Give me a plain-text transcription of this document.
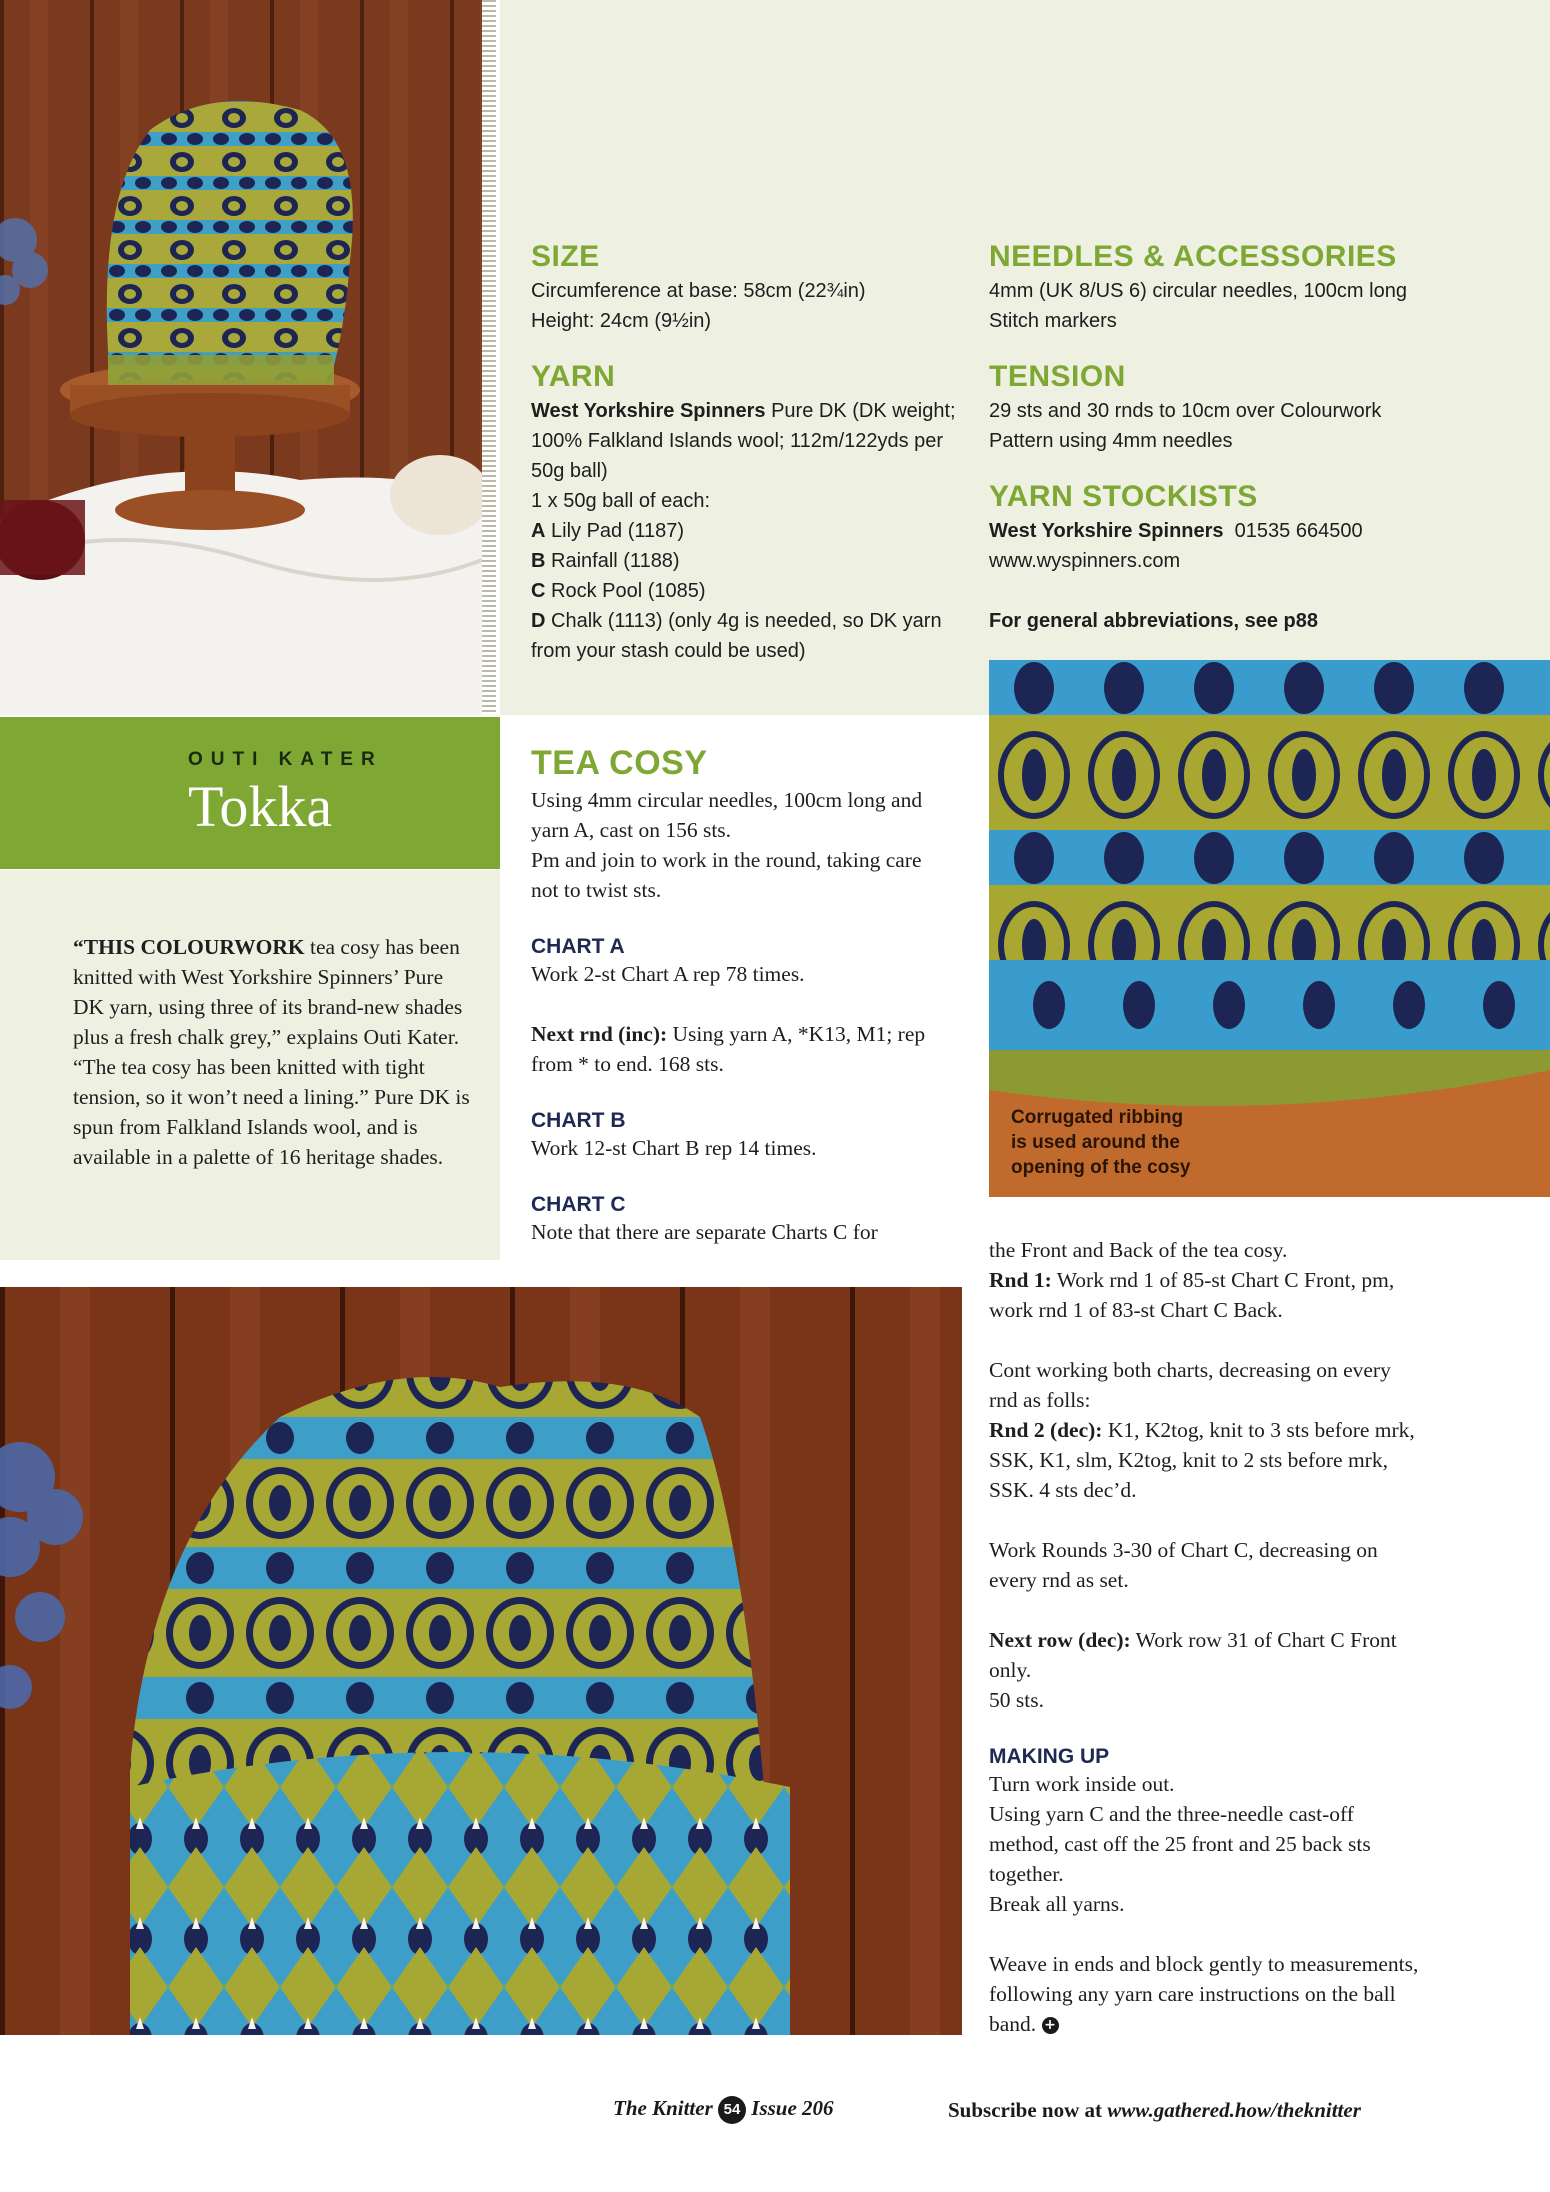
OUTI KATER
Tokka
SIZE
Circumference at base: 58cm (22¾in)
Height: 24cm (9½in)
YARN
West Yorkshire Spinners Pure DK (DK weight; 100% Falkland Islands wool; 112m/122yds per 50g ball)
1 x 50g ball of each:
A Lily Pad (1187)
B Rainfall (1188)
C Rock Pool (1085)
D Chalk (1113) (only 4g is needed, so DK yarn from your stash could be used)
NEEDLES & ACCESSORIES
4mm (UK 8/US 6) circular needles, 100cm long
Stitch markers
TENSION
29 sts and 30 rnds to 10cm over Colourwork Pattern using 4mm needles
YARN STOCKISTS
West Yorkshire Spinners 01535 664500
www.wyspinners.com
For general abbreviations, see p88
“THIS COLOURWORK tea cosy has been knitted with West Yorkshire Spinners’ Pure DK yarn, using three of its brand-new shades plus a fresh chalk grey,” explains Outi Kater. “The tea cosy has been knitted with tight tension, so it won’t need a lining.” Pure DK is spun from Falkland Islands wool, and is available in a palette of 16 heritage shades.
TEA COSY
Using 4mm circular needles, 100cm long and yarn A, cast on 156 sts.
Pm and join to work in the round, taking care not to twist sts.
CHART A
Work 2-st Chart A rep 78 times.
Next rnd (inc): Using yarn A, *K13, M1; rep from * to end. 168 sts.
CHART B
Work 12-st Chart B rep 14 times.
CHART C
Note that there are separate Charts C for
Corrugated ribbing
is used around the
opening of the cosy
the Front and Back of the tea cosy.
Rnd 1: Work rnd 1 of 85-st Chart C Front, pm, work rnd 1 of 83-st Chart C Back.
Cont working both charts, decreasing on every rnd as folls:
Rnd 2 (dec): K1, K2tog, knit to 3 sts before mrk, SSK, K1, slm, K2tog, knit to 2 sts before mrk, SSK. 4 sts dec’d.
Work Rounds 3-30 of Chart C, decreasing on every rnd as set.
Next row (dec): Work row 31 of Chart C Front only.
50 sts.
MAKING UP
Turn work inside out.
Using yarn C and the three-needle cast-off method, cast off the 25 front and 25 back sts together.
Break all yarns.
Weave in ends and block gently to measurements, following any yarn care instructions on the ball band. +
The Knitter 54 Issue 206	Subscribe now at www.gathered.how/theknitter
